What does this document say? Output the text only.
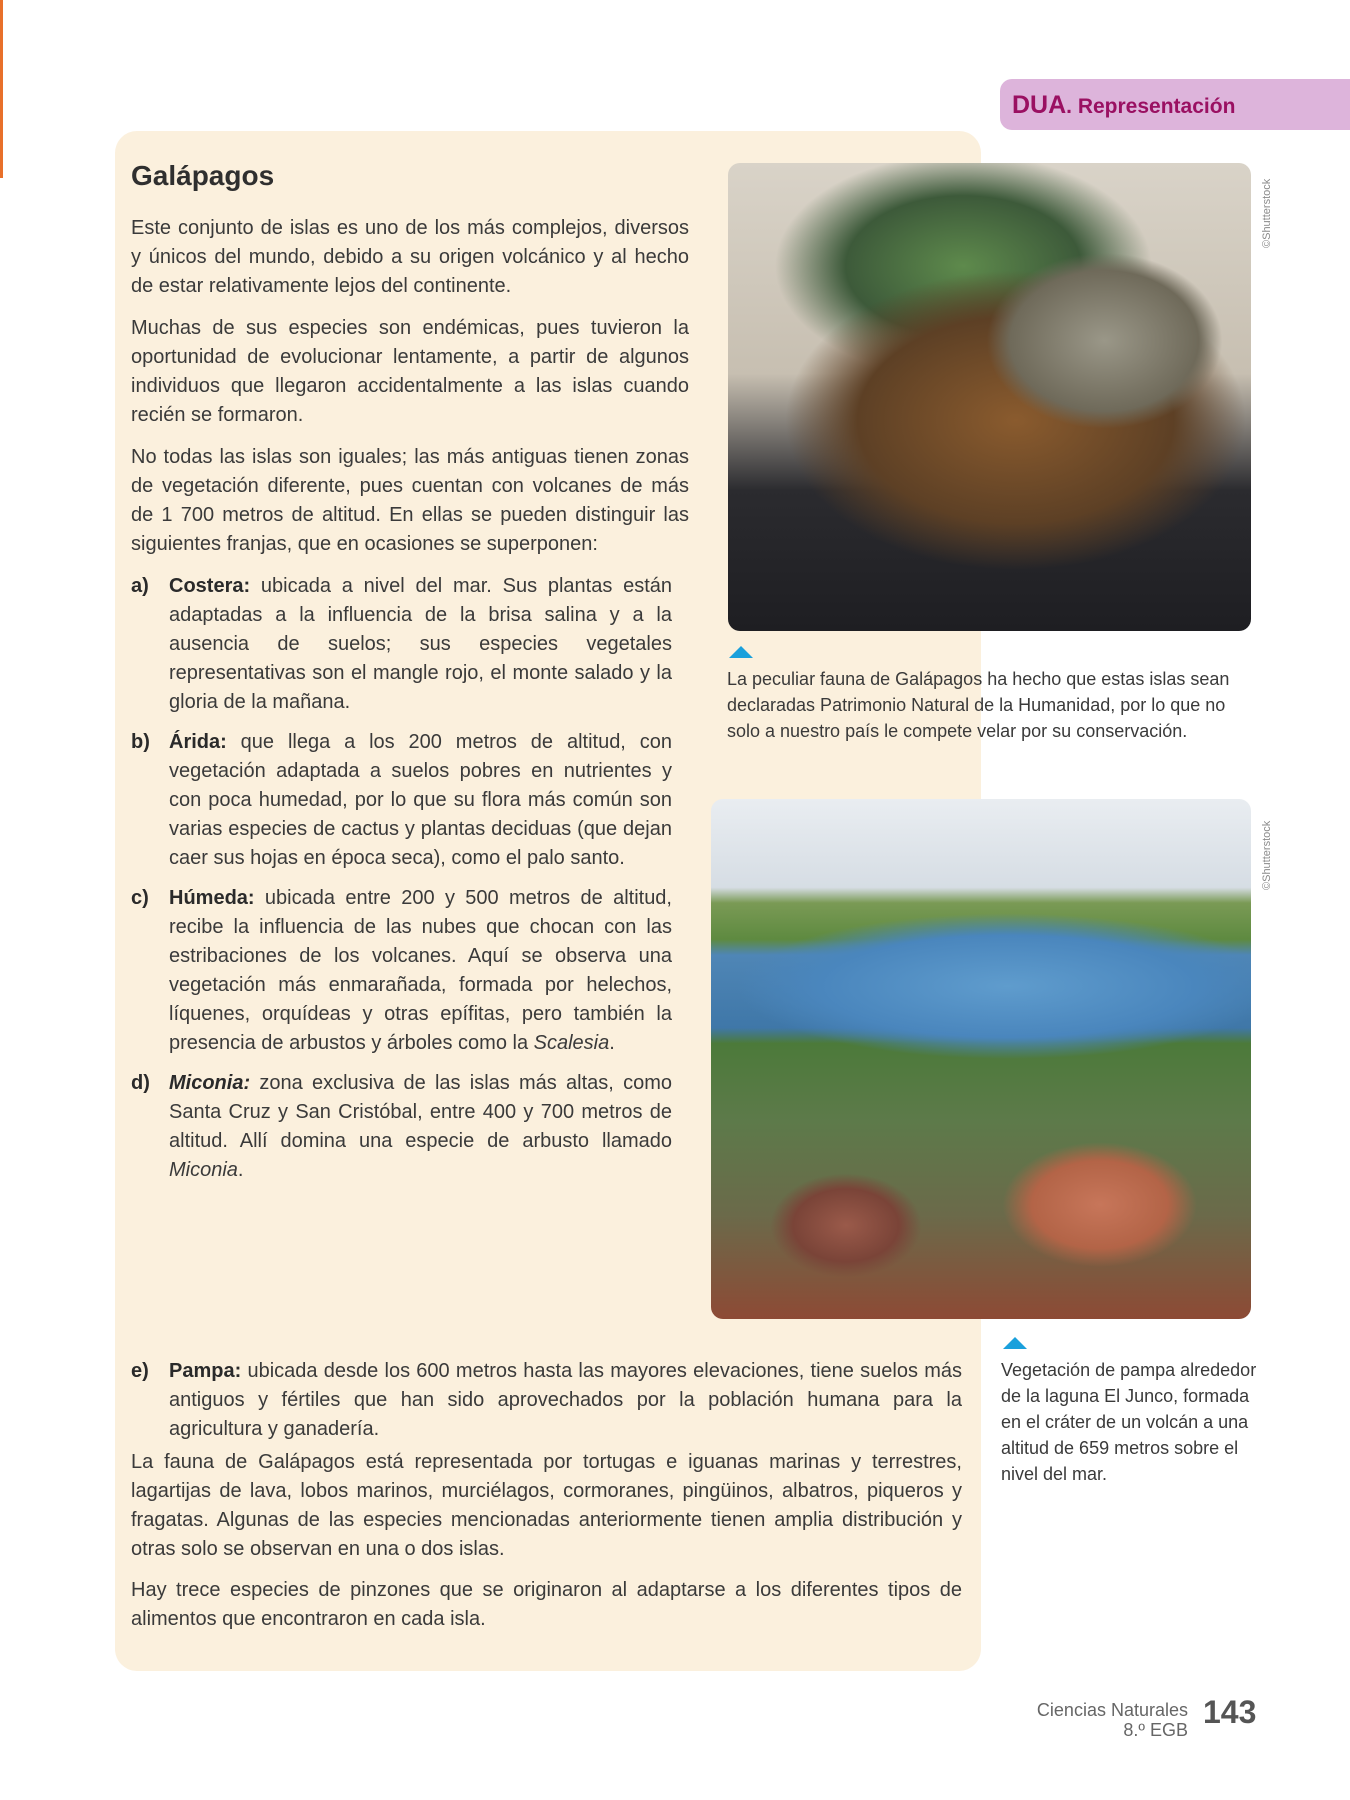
DUA. Representación
Galápagos

Este conjunto de islas es uno de los más complejos, diversos y únicos del mundo, debido a su origen volcánico y al hecho de estar relativamente lejos del continente.

Muchas de sus especies son endémicas, pues tuvieron la oportunidad de evolucionar lentamente, a partir de algunos individuos que llegaron accidentalmente a las islas cuando recién se formaron.

No todas las islas son iguales; las más antiguas tienen zonas de vegetación diferente, pues cuentan con volcanes de más de 1 700 metros de altitud. En ellas se pueden distinguir las siguientes franjas, que en ocasiones se superponen:

a)	Costera: ubicada a nivel del mar. Sus plantas están adaptadas a la influencia de la brisa salina y a la ausencia de suelos; sus especies vegetales representativas son el mangle rojo, el monte salado y la gloria de la mañana.
b) Árida: que llega a los 200 metros de altitud, con vegetación adaptada a suelos pobres en nutrientes y con poca humedad, por lo que su flora más común son varias especies de cactus y plantas deciduas (que dejan caer sus hojas en época seca), como el palo santo.
c)	Húmeda: ubicada entre 200 y 500 metros de altitud, recibe la influencia de las nubes que chocan con las estribaciones de los volcanes. Aquí se observa una vegetación más enmarañada, formada por helechos, líquenes, orquídeas y otras epífitas, pero también la presencia de arbustos y árboles como la Scalesia.
d) Miconia: zona exclusiva de las islas más altas, como Santa Cruz y San Cristóbal, entre 400 y 700 metros de altitud. Allí domina una especie de arbusto llamado Miconia.
e)	Pampa: ubicada desde los 600 metros hasta las mayores elevaciones, tiene suelos más antiguos y fértiles que han sido aprovechados por la población humana para la agricultura y ganadería.

La fauna de Galápagos está representada por tortugas e iguanas marinas y terrestres, lagartijas de lava, lobos marinos, murciélagos, cormoranes, pingüinos, albatros, piqueros y fragatas. Algunas de las especies mencionadas anteriormente tienen amplia distribución y otras solo se observan en una o dos islas.

Hay trece especies de pinzones que se originaron al adaptarse a los diferentes tipos de alimentos que encontraron en cada isla.

©Shutterstock
La peculiar fauna de Galápagos ha hecho que estas islas sean declaradas Patrimonio Natural de la Humanidad, por lo que no solo a nuestro país le compete velar por su conservación.
©Shutterstock
Vegetación de pampa alrededor de la laguna El Junco, formada en el cráter de un volcán a una altitud de 659 metros sobre el nivel del mar.
Ciencias Naturales
8.º EGB 143
